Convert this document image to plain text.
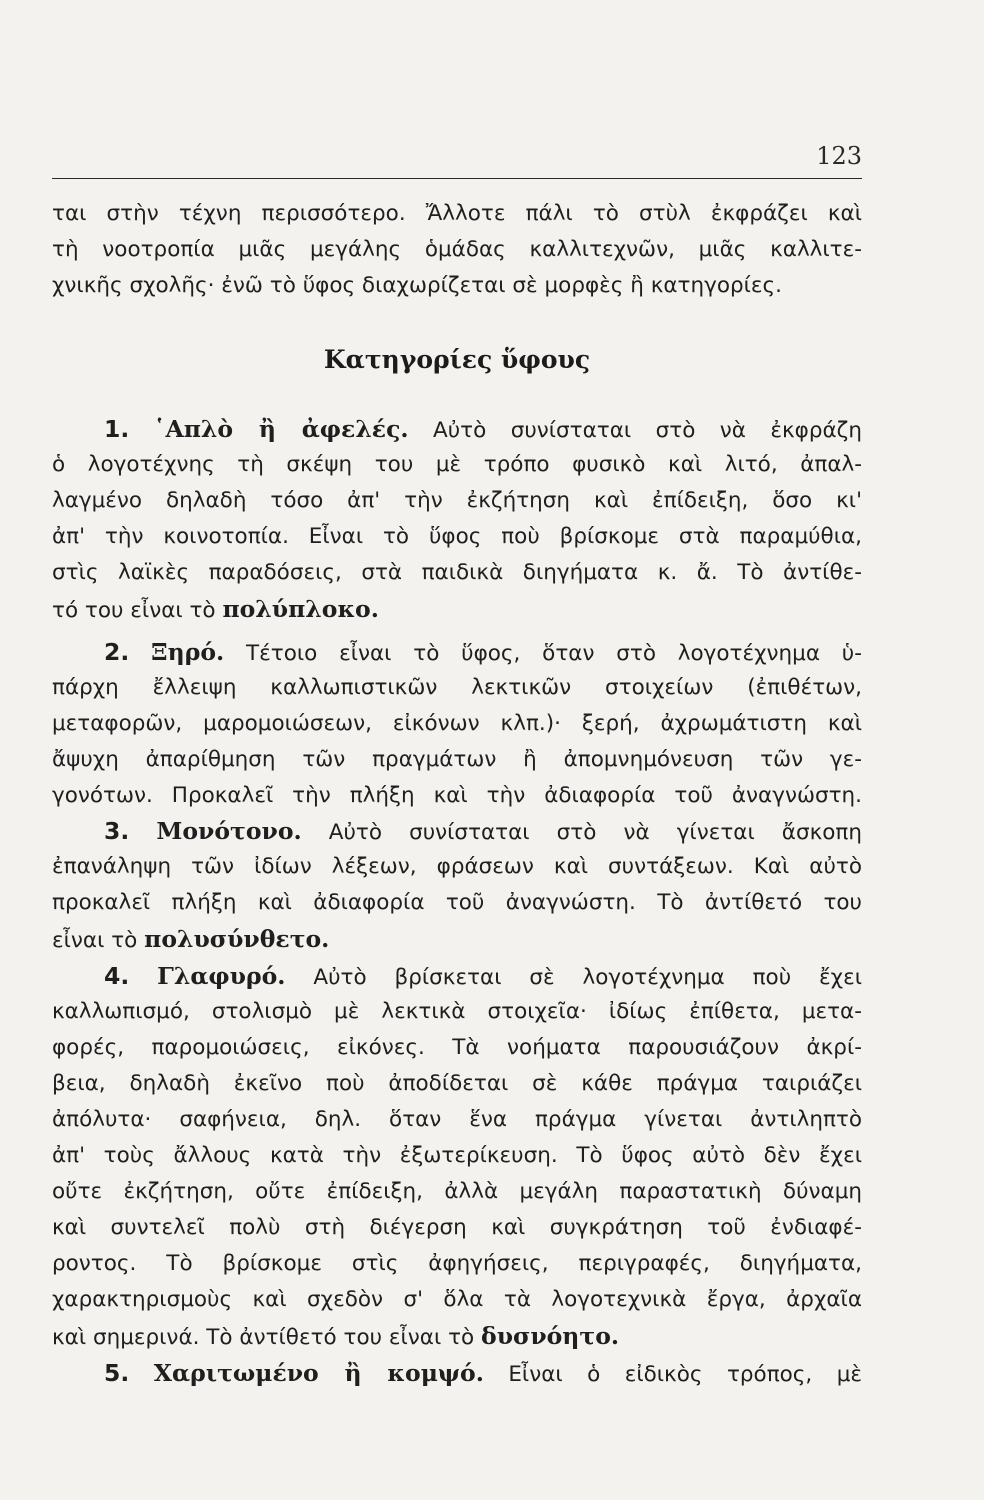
123
ται στὴν τέχνη περισσότερο. Ἄλλοτε πάλι τὸ στὺλ ἐκφράζει καὶ
τὴ νοοτροπία μιᾶς μεγάλης ὁμάδας καλλιτεχνῶν, μιᾶς καλλιτε-
χνικῆς σχολῆς· ἐνῶ τὸ ὕφος διαχωρίζεται σὲ μορφὲς ἢ κατηγορίες.
Κατηγορίες ὕφους
1. ῾Απλὸ ἢ ἀφελές. Αὐτὸ συνίσταται στὸ νὰ ἐκφράζη
ὁ λογοτέχνης τὴ σκέψη του μὲ τρόπο φυσικὸ καὶ λιτό, ἀπαλ-
λαγμένο δηλαδὴ τόσο ἀπ' τὴν ἐκζήτηση καὶ ἐπίδειξη, ὅσο κι'
ἀπ' τὴν κοινοτοπία. Εἶναι τὸ ὕφος ποὺ βρίσκομε στὰ παραμύθια,
στὶς λαϊκὲς παραδόσεις, στὰ παιδικὰ διηγήματα κ. ἄ. Τὸ ἀντίθε-
τό του εἶναι τὸ πολύπλοκο.
2. Ξηρό. Τέτοιο εἶναι τὸ ὕφος, ὅταν στὸ λογοτέχνημα ὑ-
πάρχη ἔλλειψη καλλωπιστικῶν λεκτικῶν στοιχείων (ἐπιθέτων,
μεταφορῶν, μαρομοιώσεων, εἰκόνων κλπ.)· ξερή, ἀχρωμάτιστη καὶ
ἄψυχη ἀπαρίθμηση τῶν πραγμάτων ἢ ἀπομνημόνευση τῶν γε-
γονότων. Προκαλεῖ τὴν πλήξη καὶ τὴν ἀδιαφορία τοῦ ἀναγνώστη.
3. Μονότονο. Αὐτὸ συνίσταται στὸ νὰ γίνεται ἄσκοπη
ἐπανάληψη τῶν ἰδίων λέξεων, φράσεων καὶ συντάξεων. Καὶ αὐτὸ
προκαλεῖ πλήξη καὶ ἀδιαφορία τοῦ ἀναγνώστη. Τὸ ἀντίθετό του
εἶναι τὸ πολυσύνθετο.
4. Γλαφυρό. Αὐτὸ βρίσκεται σὲ λογοτέχνημα ποὺ ἔχει
καλλωπισμό, στολισμὸ μὲ λεκτικὰ στοιχεῖα· ἰδίως ἐπίθετα, μετα-
φορές, παρομοιώσεις, εἰκόνες. Τὰ νοήματα παρουσιάζουν ἀκρί-
βεια, δηλαδὴ ἐκεῖνο ποὺ ἀποδίδεται σὲ κάθε πράγμα ταιριάζει
ἀπόλυτα· σαφήνεια, δηλ. ὅταν ἕνα πράγμα γίνεται ἀντιληπτὸ
ἀπ' τοὺς ἄλλους κατὰ τὴν ἐξωτερίκευση. Τὸ ὕφος αὐτὸ δὲν ἔχει
οὔτε ἐκζήτηση, οὔτε ἐπίδειξη, ἀλλὰ μεγάλη παραστατικὴ δύναμη
καὶ συντελεῖ πολὺ στὴ διέγερση καὶ συγκράτηση τοῦ ἐνδιαφέ-
ροντος. Τὸ βρίσκομε στὶς ἀφηγήσεις, περιγραφές, διηγήματα,
χαρακτηρισμοὺς καὶ σχεδὸν σ' ὅλα τὰ λογοτεχνικὰ ἔργα, ἀρχαῖα
καὶ σημερινά. Τὸ ἀντίθετό του εἶναι τὸ δυσνόητο.
5. Χαριτωμένο ἢ κομψό. Εἶναι ὁ εἰδικὸς τρόπος, μὲ
